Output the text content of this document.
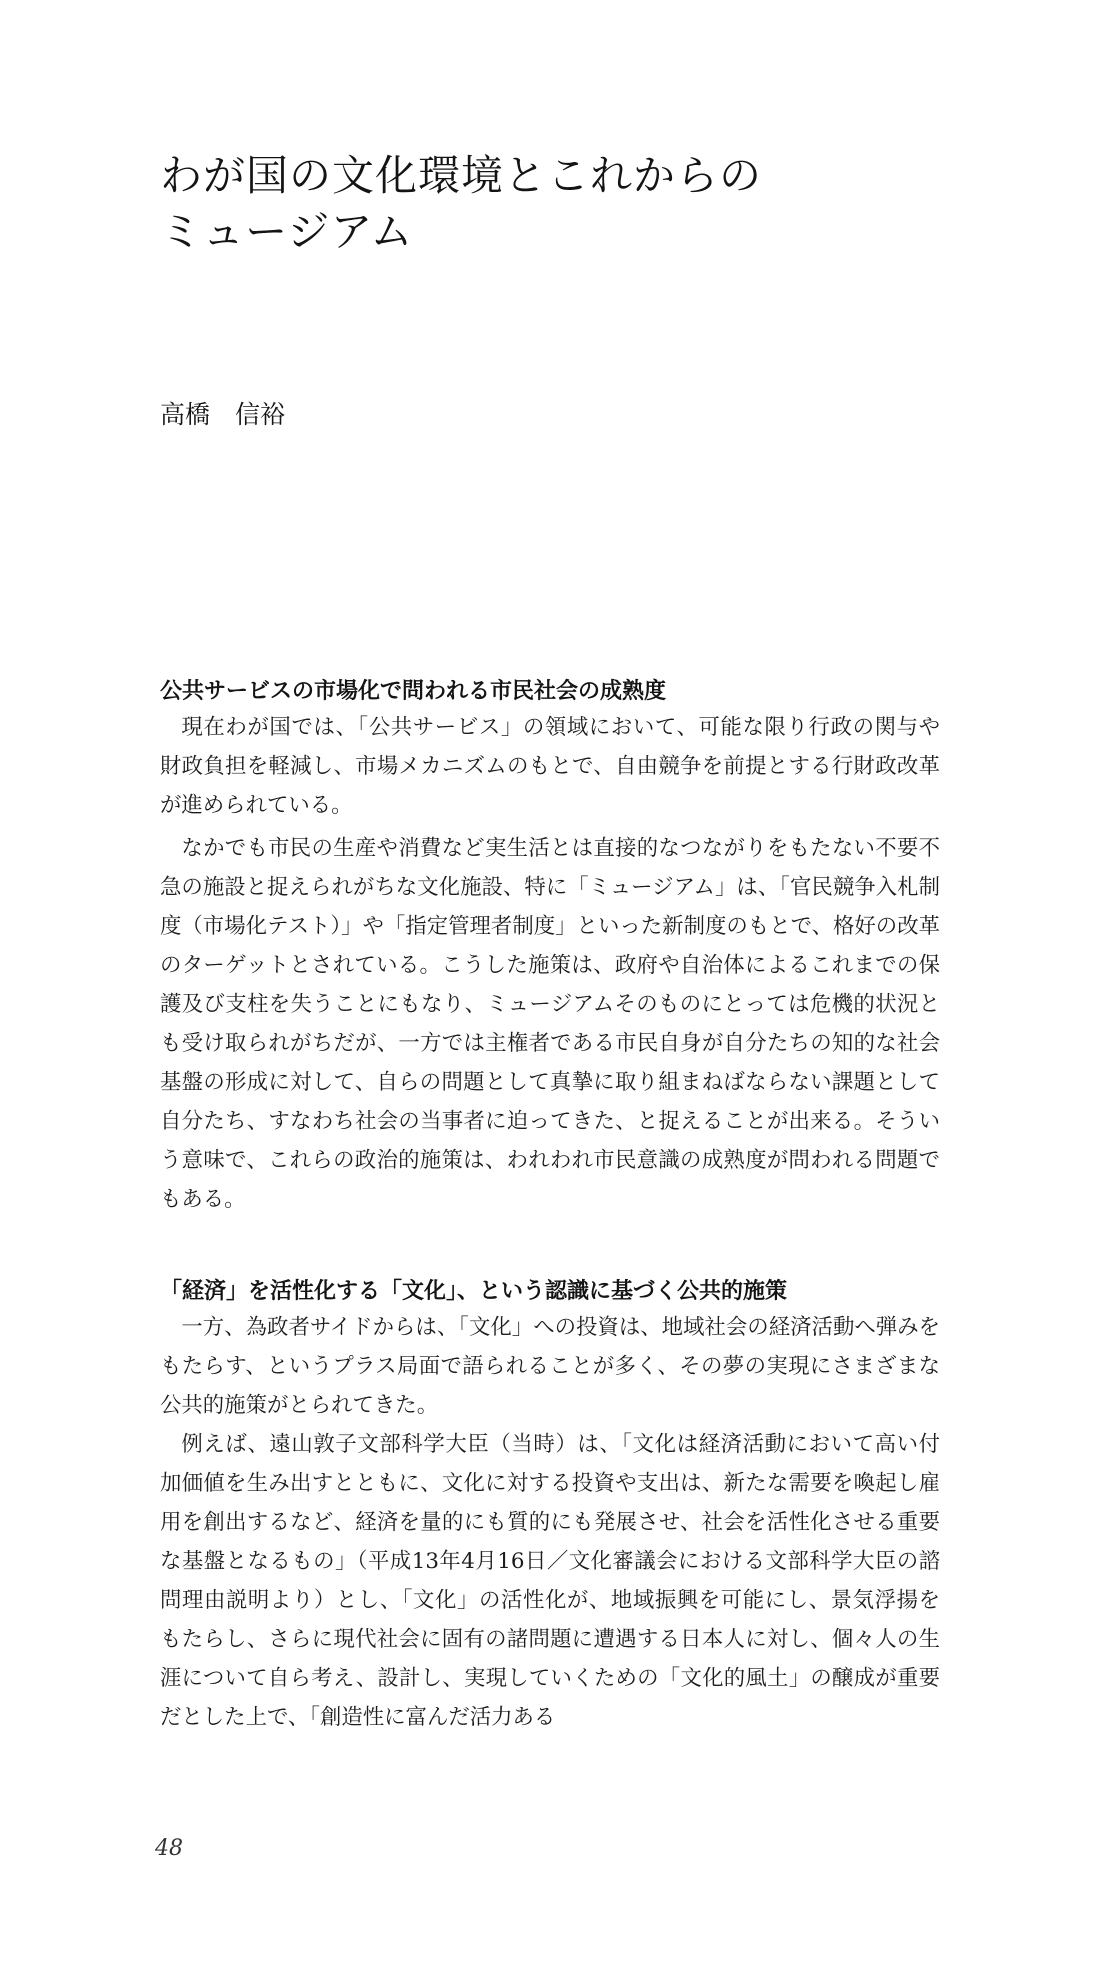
わが国の文化環境とこれからの
ミュージアム
高橋　信裕
公共サービスの市場化で問われる市民社会の成熟度

現在わが国では、「公共サービス」の領域において、可能な限り行政の関与や財政負担を軽減し、市場メカニズムのもとで、自由競争を前提とする行財政改革が進められている。

なかでも市民の生産や消費など実生活とは直接的なつながりをもたない不要不急の施設と捉えられがちな文化施設、特に「ミュージアム」は、「官民競争入札制度（市場化テスト）」や「指定管理者制度」といった新制度のもとで、格好の改革のターゲットとされている。こうした施策は、政府や自治体によるこれまでの保護及び支柱を失うことにもなり、ミュージアムそのものにとっては危機的状況とも受け取られがちだが、一方では主権者である市民自身が自分たちの知的な社会基盤の形成に対して、自らの問題として真摯に取り組まねばならない課題として自分たち、すなわち社会の当事者に迫ってきた、と捉えることが出来る。そういう意味で、これらの政治的施策は、われわれ市民意識の成熟度が問われる問題でもある。

「経済」を活性化する「文化」、という認識に基づく公共的施策

一方、為政者サイドからは、「文化」への投資は、地域社会の経済活動へ弾みをもたらす、というプラス局面で語られることが多く、その夢の実現にさまざまな公共的施策がとられてきた。

例えば、遠山敦子文部科学大臣（当時）は、「文化は経済活動において高い付加価値を生み出すとともに、文化に対する投資や支出は、新たな需要を喚起し雇用を創出するなど、経済を量的にも質的にも発展させ、社会を活性化させる重要な基盤となるもの」（平成13年4月16日／文化審議会における文部科学大臣の諮問理由説明より）とし、「文化」の活性化が、地域振興を可能にし、景気浮揚をもたらし、さらに現代社会に固有の諸問題に遭遇する日本人に対し、個々人の生涯について自ら考え、設計し、実現していくための「文化的風土」の醸成が重要だとした上で、「創造性に富んだ活力ある

48
